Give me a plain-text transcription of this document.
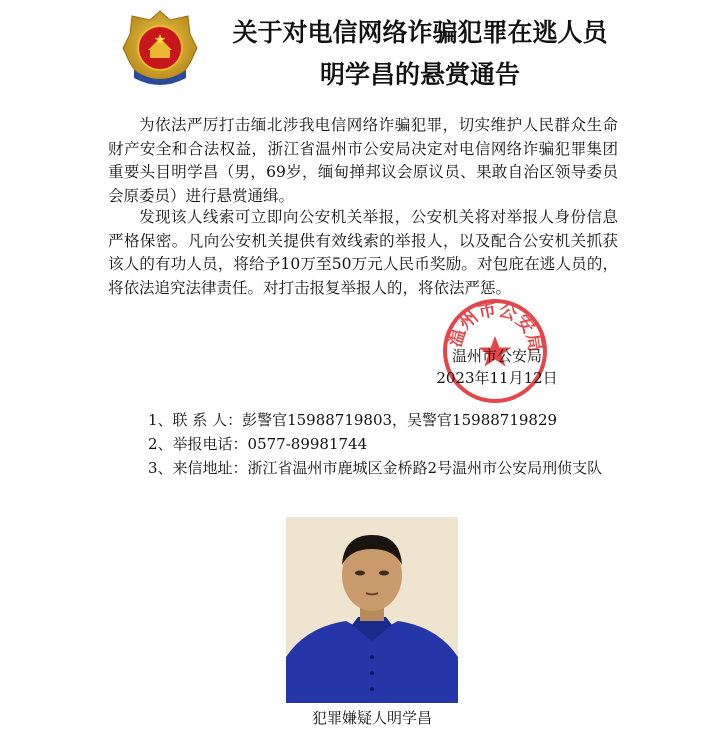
关于对电信网络诈骗犯罪在逃人员
明学昌的悬赏通告

为依法严厉打击缅北涉我电信网络诈骗犯罪，切实维护人民群众生命财产安全和合法权益，浙江省温州市公安局决定对电信网络诈骗犯罪集团重要头目明学昌（男，69岁，缅甸掸邦议会原议员、果敢自治区领导委员会原委员）进行悬赏通缉。

发现该人线索可立即向公安机关举报，公安机关将对举报人身份信息严格保密。凡向公安机关提供有效线索的举报人，以及配合公安机关抓获该人的有功人员，将给予10万至50万元人民币奖励。对包庇在逃人员的，将依法追究法律责任。对打击报复举报人的，将依法严惩。

温州市公安局

温州市公安局

2023年11月12日

1、联 系 人：彭警官15988719803，吴警官15988719829

2、举报电话：0577-89981744

3、来信地址：浙江省温州市鹿城区金桥路2号温州市公安局刑侦支队

犯罪嫌疑人明学昌
